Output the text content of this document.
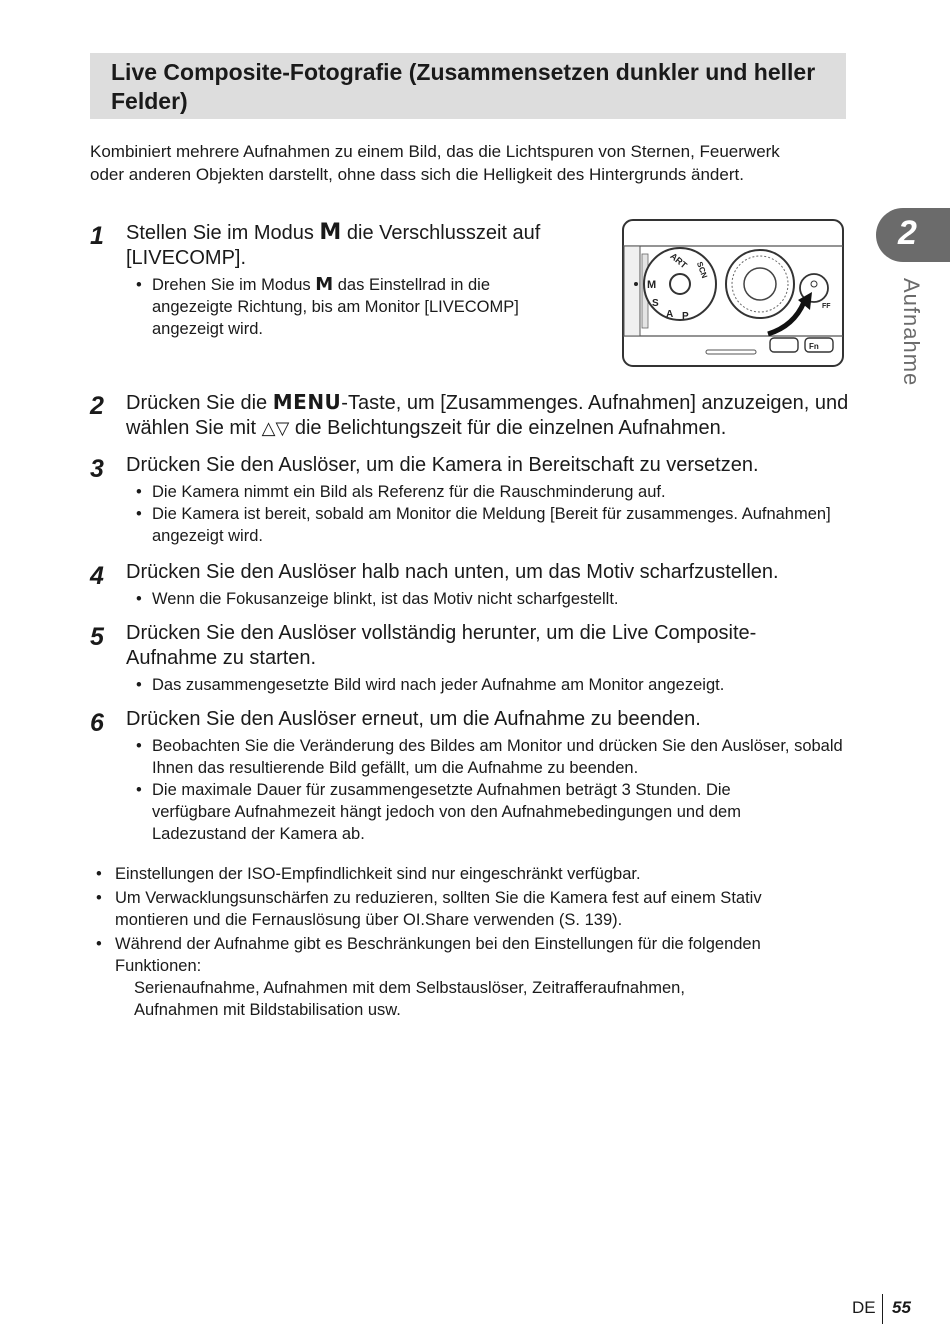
Live Composite-Fotografie (Zusammensetzen dunkler und heller Felder)

Kombiniert mehrere Aufnahmen zu einem Bild, das die Lichtspuren von Sternen, Feuerwerk oder anderen Objekten darstellt, ohne dass sich die Helligkeit des Hintergrunds ändert.

1	Stellen Sie im Modus M die Verschlusszeit auf [LIVECOMP].
• Drehen Sie im Modus M das Einstellrad in die angezeigte Richtung, bis am Monitor [LIVECOMP] angezeigt wird.
ART SCN
M
S
A P
FF
Fn
2	Drücken Sie die MENU-Taste, um [Zusammenges. Aufnahmen] anzuzeigen, und wählen Sie mit △▽ die Belichtungszeit für die einzelnen Aufnahmen.
3	Drücken Sie den Auslöser, um die Kamera in Bereitschaft zu versetzen.
• Die Kamera nimmt ein Bild als Referenz für die Rauschminderung auf.
• Die Kamera ist bereit, sobald am Monitor die Meldung [Bereit für zusammenges. Aufnahmen] angezeigt wird.
4	Drücken Sie den Auslöser halb nach unten, um das Motiv scharfzustellen.
• Wenn die Fokusanzeige blinkt, ist das Motiv nicht scharfgestellt.
5	Drücken Sie den Auslöser vollständig herunter, um die Live Composite-Aufnahme zu starten.
• Das zusammengesetzte Bild wird nach jeder Aufnahme am Monitor angezeigt.
6	Drücken Sie den Auslöser erneut, um die Aufnahme zu beenden.
• Beobachten Sie die Veränderung des Bildes am Monitor und drücken Sie den Auslöser, sobald Ihnen das resultierende Bild gefällt, um die Aufnahme zu beenden.
• Die maximale Dauer für zusammengesetzte Aufnahmen beträgt 3 Stunden. Die verfügbare Aufnahmezeit hängt jedoch von den Aufnahmebedingungen und dem Ladezustand der Kamera ab.
• Einstellungen der ISO-Empfindlichkeit sind nur eingeschränkt verfügbar.
• Um Verwacklungsunschärfen zu reduzieren, sollten Sie die Kamera fest auf einem Stativ montieren und die Fernauslösung über OI.Share verwenden (S. 139).
• Während der Aufnahme gibt es Beschränkungen bei den Einstellungen für die folgenden Funktionen:
Serienaufnahme, Aufnahmen mit dem Selbstauslöser, Zeitrafferaufnahmen, Aufnahmen mit Bildstabilisation usw.
2
Aufnahme
DE 55
